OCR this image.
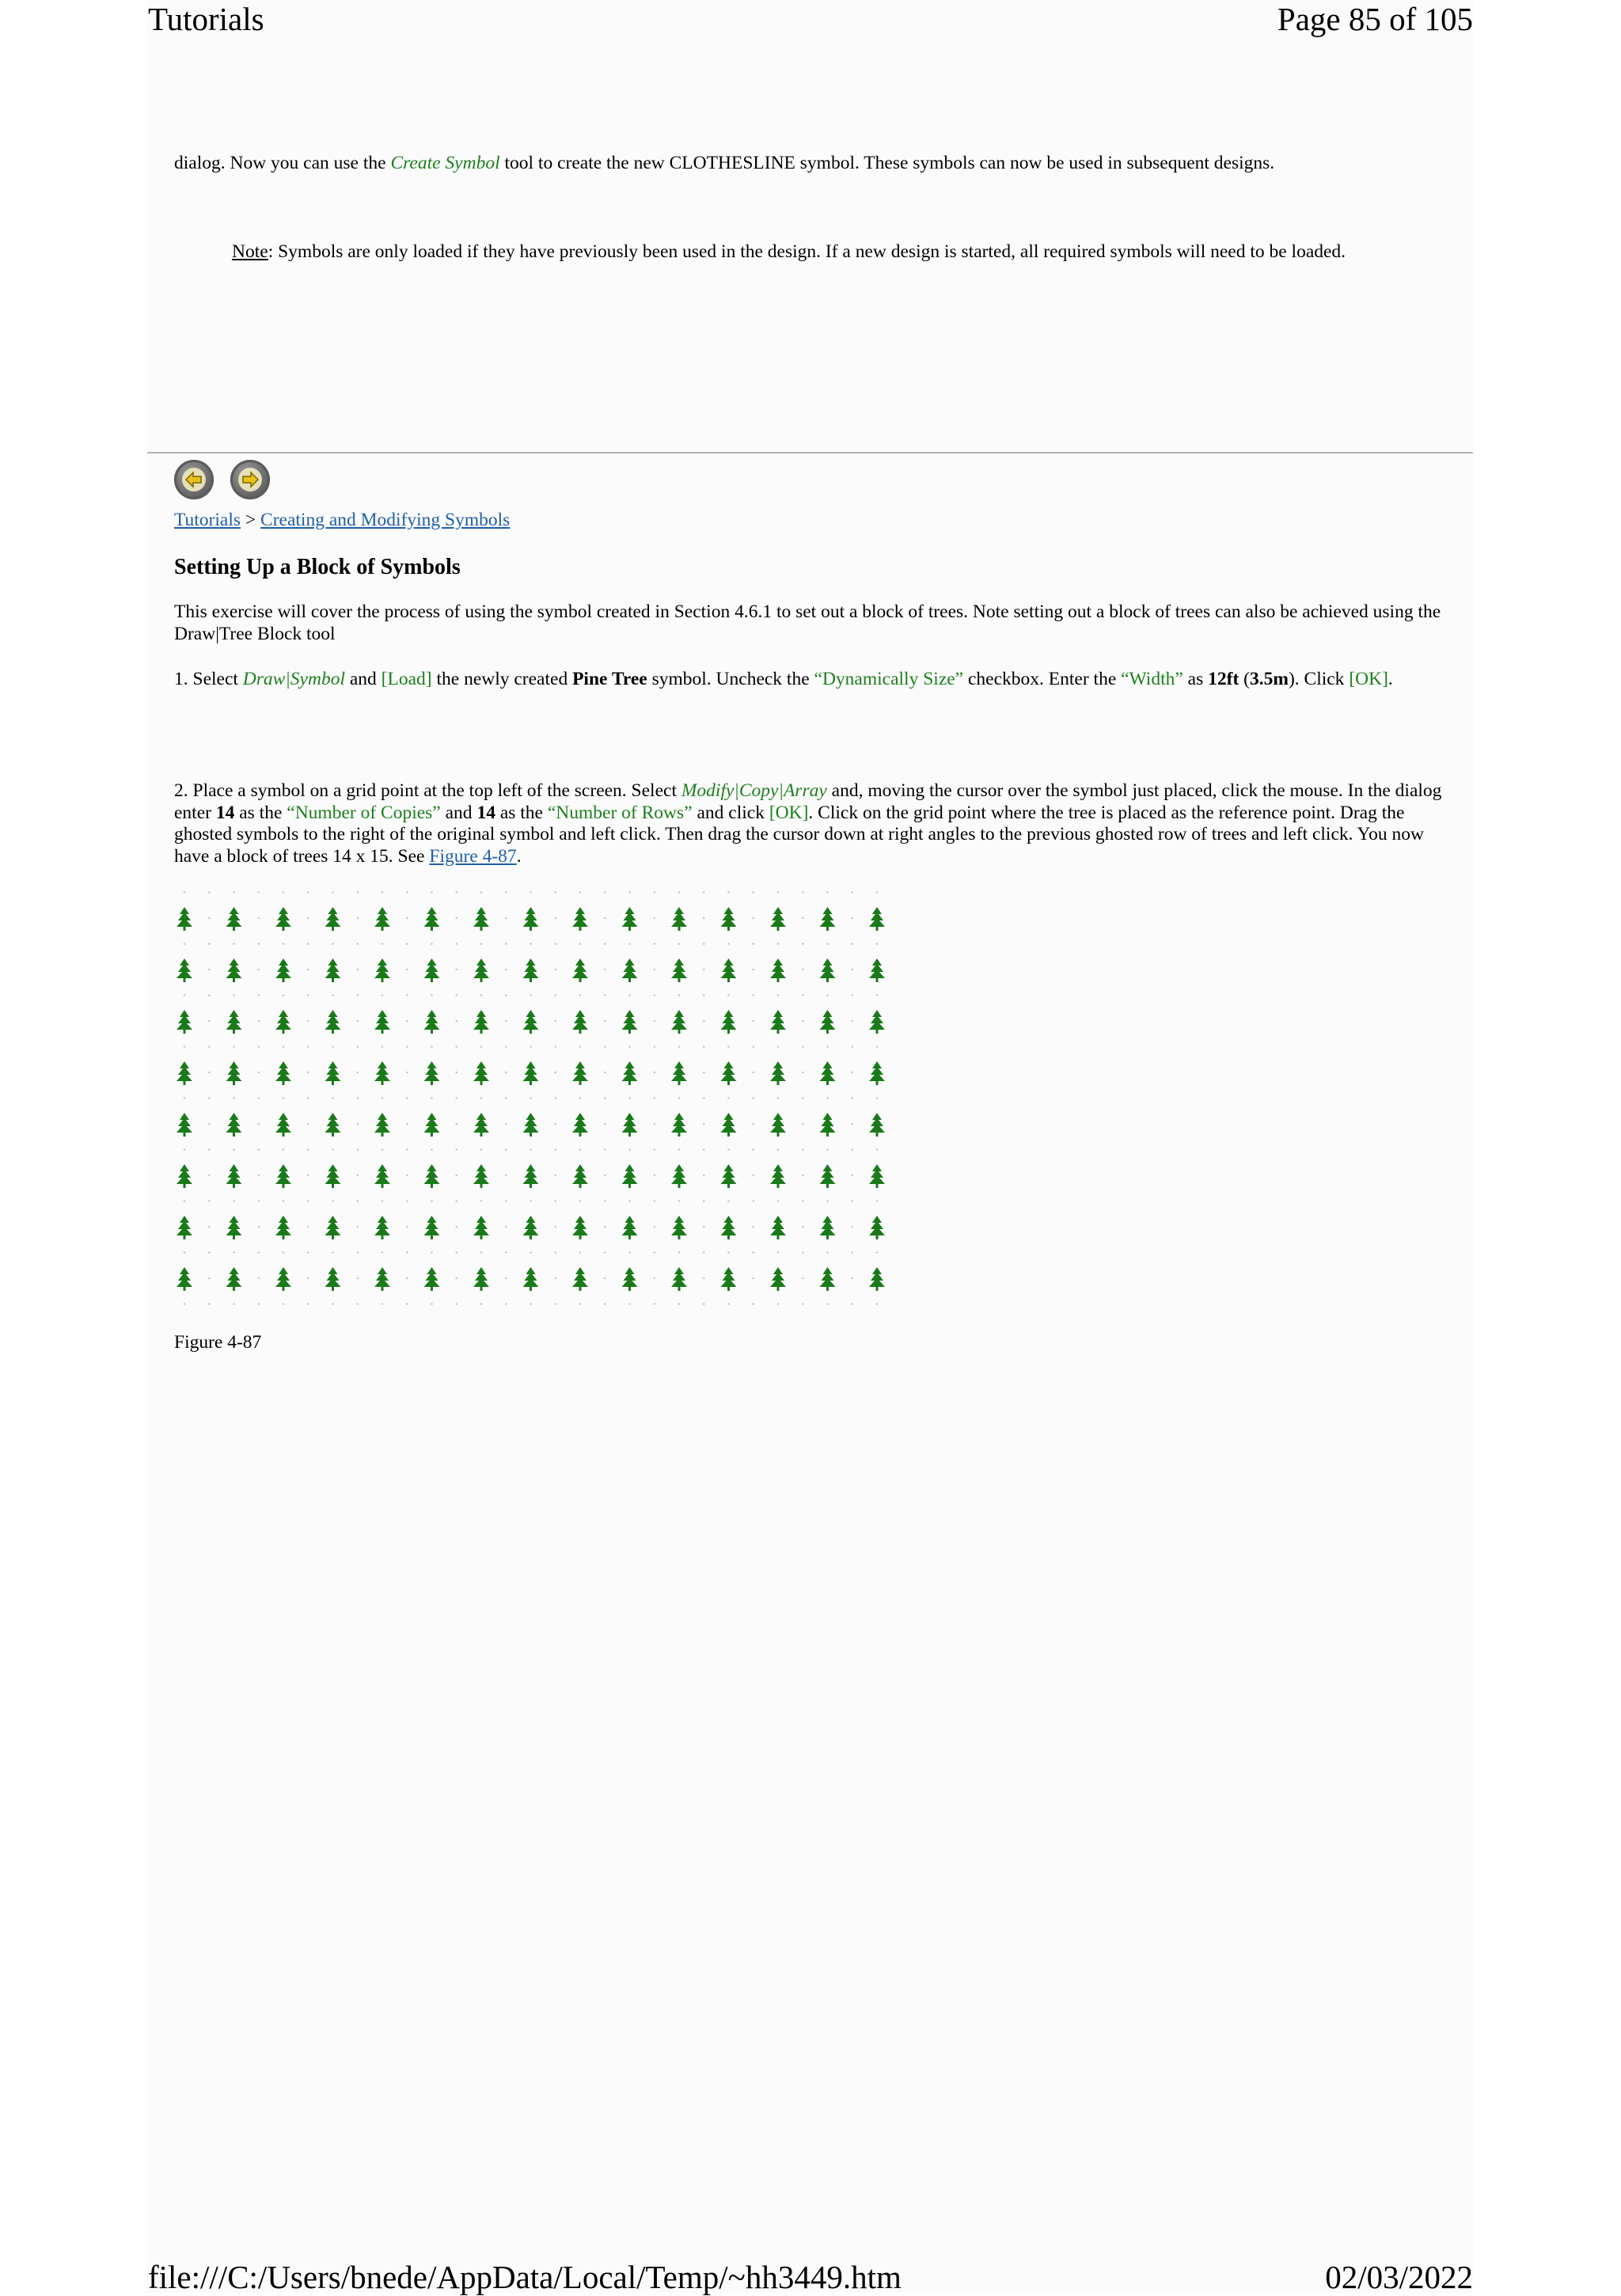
Tutorials	Page 85 of 105
dialog. Now you can use the Create Symbol tool to create the new CLOTHESLINE symbol. These symbols can now be used in subsequent designs.
Note: Symbols are only loaded if they have previously been used in the design. If a new design is started, all required symbols will need to be loaded.
Tutorials > Creating and Modifying Symbols
Setting Up a Block of Symbols
This exercise will cover the process of using the symbol created in Section 4.6.1 to set out a block of trees. Note setting out a block of trees can also be achieved using the Draw|Tree Block tool
1. Select Draw|Symbol and [Load] the newly created Pine Tree symbol. Uncheck the “Dynamically Size” checkbox. Enter the “Width” as 12ft (3.5m). Click [OK].
2. Place a symbol on a grid point at the top left of the screen. Select Modify|Copy|Array and, moving the cursor over the symbol just placed, click the mouse. In the dialog enter 14 as the “Number of Copies” and 14 as the “Number of Rows” and click [OK]. Click on the grid point where the tree is placed as the reference point. Drag the ghosted symbols to the right of the original symbol and left click. Then drag the cursor down at right angles to the previous ghosted row of trees and left click. You now have a block of trees 14 x 15. See Figure 4-87.
Figure 4-87
file:///C:/Users/bnede/AppData/Local/Temp/~hh3449.htm	02/03/2022
